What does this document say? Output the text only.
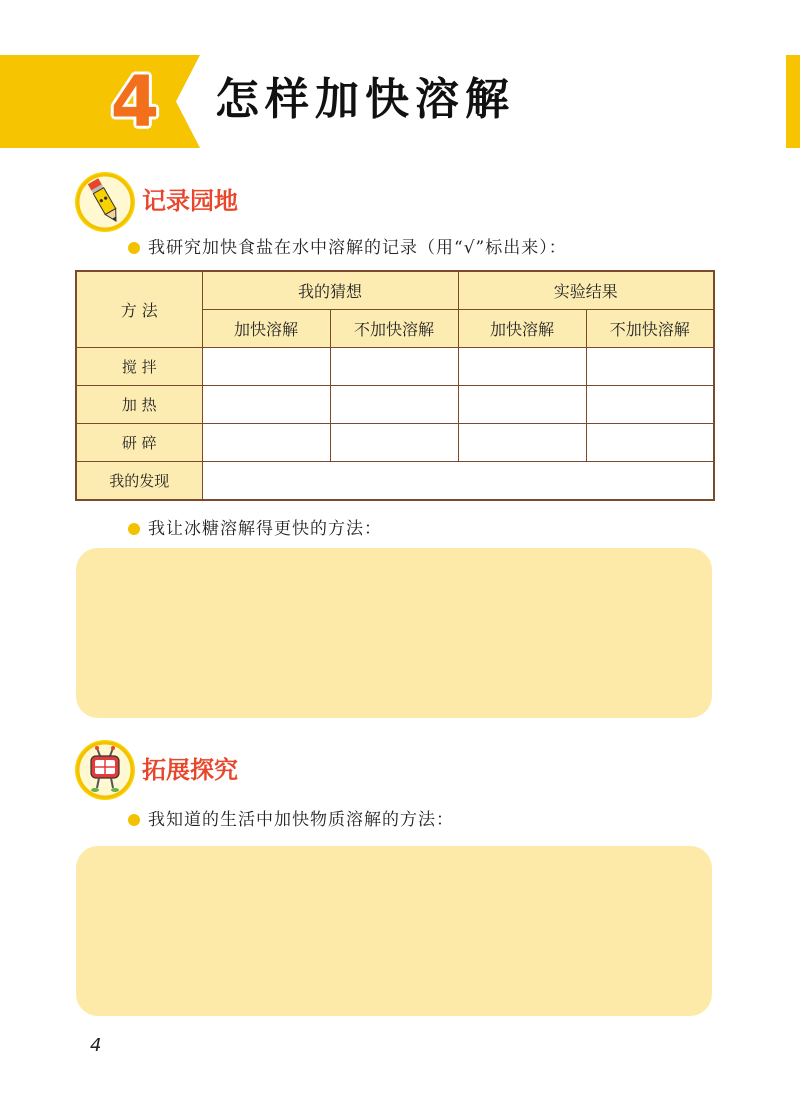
4 怎样加快溶解
记录园地
我研究加快食盐在水中溶解的记录（用“√”标出来）：
方 法	我的猜想		实验结果	
	加快溶解	不加快溶解	加快溶解	不加快溶解
搅 拌				
加 热				
研 碎				
我的发现				
我让冰糖溶解得更快的方法：
拓展探究
我知道的生活中加快物质溶解的方法：
4
